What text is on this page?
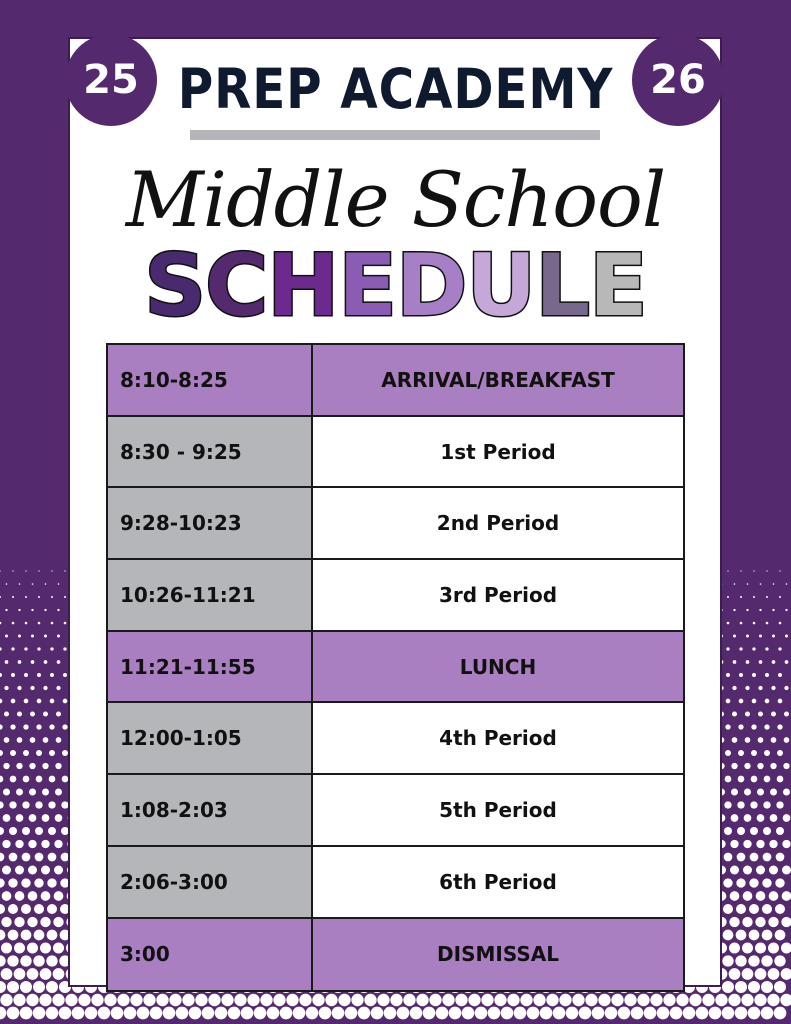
25	26
PREP ACADEMY
Middle School
SCHEDULE
8:10-8:25	ARRIVAL/BREAKFAST
8:30 - 9:25	1st Period
9:28-10:23	2nd Period
10:26-11:21	3rd Period
11:21-11:55	LUNCH
12:00-1:05	4th Period
1:08-2:03	5th Period
2:06-3:00	6th Period
3:00	DISMISSAL
